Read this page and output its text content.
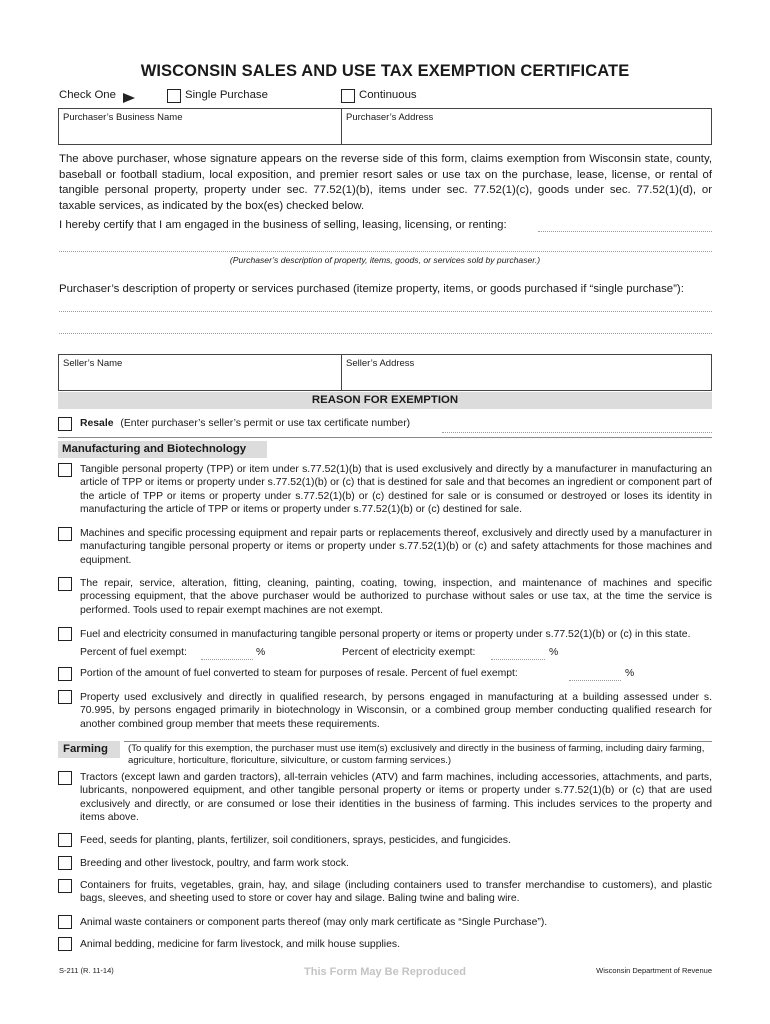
WISCONSIN SALES AND USE TAX EXEMPTION CERTIFICATE
Check One	Single Purchase	Continuous
Purchaser’s Business Name	Purchaser’s Address
The above purchaser, whose signature appears on the reverse side of this form, claims exemption from Wisconsin state, county, baseball or football stadium, local exposition, and premier resort sales or use tax on the purchase, lease, license, or rental of tangible personal property, property under sec. 77.52(1)(b), items under sec. 77.52(1)(c), goods under sec. 77.52(1)(d), or taxable services, as indicated by the box(es) checked below.
I hereby certify that I am engaged in the business of selling, leasing, licensing, or renting:
(Purchaser’s description of property, items, goods, or services sold by purchaser.)
Purchaser’s description of property or services purchased (itemize property, items, or goods purchased if “single purchase”):
Seller’s Name	Seller’s Address
REASON FOR EXEMPTION
Resale (Enter purchaser’s seller’s permit or use tax certificate number)
Manufacturing and Biotechnology
Tangible personal property (TPP) or item under s.77.52(1)(b) that is used exclusively and directly by a manufacturer in manufacturing an article of TPP or items or property under s.77.52(1)(b) or (c) that is destined for sale and that becomes an ingredient or component part of the article of TPP or items or property under s.77.52(1)(b) or (c) destined for sale or is consumed or destroyed or loses its identity in manufacturing the article of TPP or items or property under s.77.52(1)(b) or (c) destined for sale.
Machines and specific processing equipment and repair parts or replacements thereof, exclusively and directly used by a manufacturer in manufacturing tangible personal property or items or property under s.77.52(1)(b) or (c) and safety attachments for those machines and equipment.
The repair, service, alteration, fitting, cleaning, painting, coating, towing, inspection, and maintenance of machines and specific processing equipment, that the above purchaser would be authorized to purchase without sales or use tax, at the time the service is performed. Tools used to repair exempt machines are not exempt.
Fuel and electricity consumed in manufacturing tangible personal property or items or property under s.77.52(1)(b) or (c) in this state.
Percent of fuel exempt:	%	Percent of electricity exempt:	%
Portion of the amount of fuel converted to steam for purposes of resale. Percent of fuel exempt:	%
Property used exclusively and directly in qualified research, by persons engaged in manufacturing at a building assessed under s. 70.995, by persons engaged primarily in biotechnology in Wisconsin, or a combined group member conducting qualified research for another combined group member that meets these requirements.
Farming	(To qualify for this exemption, the purchaser must use item(s) exclusively and directly in the business of farming, including dairy farming, agriculture, horticulture, floriculture, silviculture, or custom farming services.)
Tractors (except lawn and garden tractors), all-terrain vehicles (ATV) and farm machines, including accessories, attachments, and parts, lubricants, nonpowered equipment, and other tangible personal property or items or property under s.77.52(1)(b) or (c) that are used exclusively and directly, or are consumed or lose their identities in the business of farming. This includes services to the property and items above.
Feed, seeds for planting, plants, fertilizer, soil conditioners, sprays, pesticides, and fungicides.
Breeding and other livestock, poultry, and farm work stock.
Containers for fruits, vegetables, grain, hay, and silage (including containers used to transfer merchandise to customers), and plastic bags, sleeves, and sheeting used to store or cover hay and silage. Baling twine and baling wire.
Animal waste containers or component parts thereof (may only mark certificate as “Single Purchase”).
Animal bedding, medicine for farm livestock, and milk house supplies.
S-211 (R. 11-14)	This Form May Be Reproduced	Wisconsin Department of Revenue
